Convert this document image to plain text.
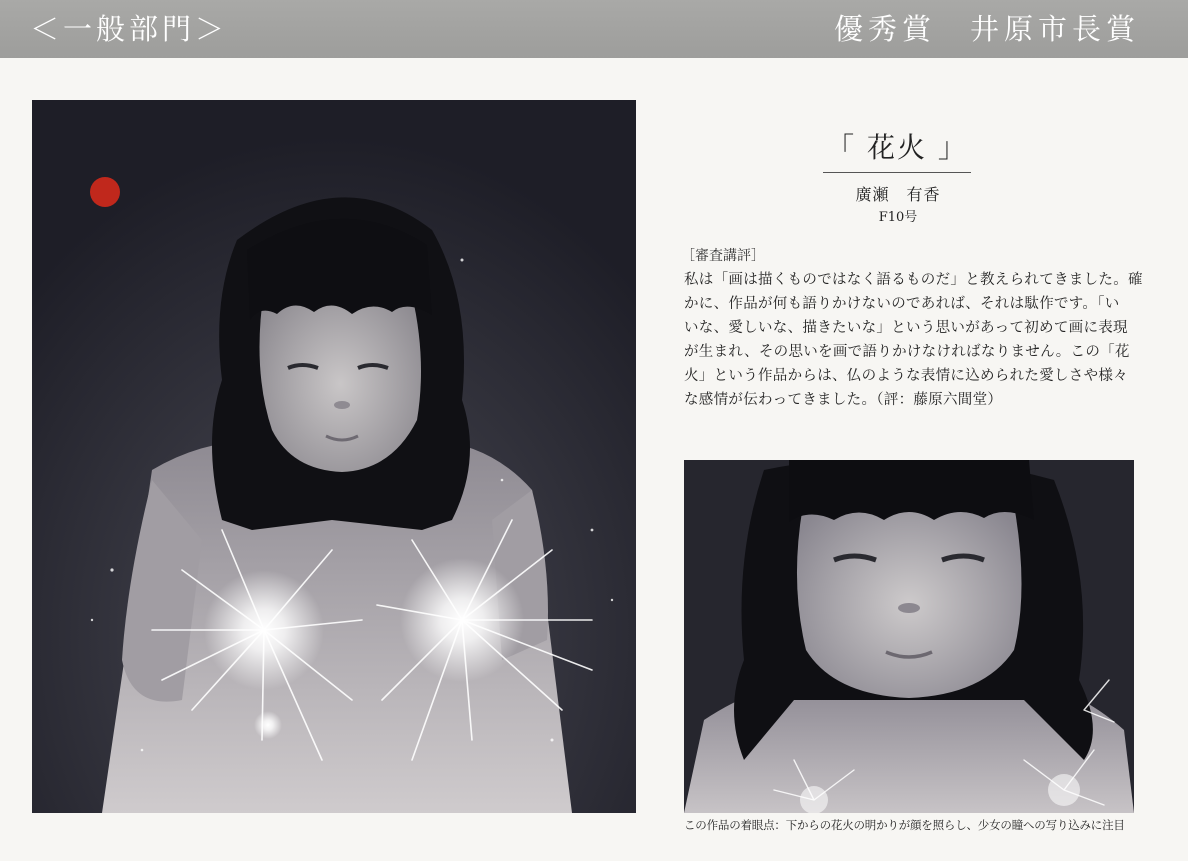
＜一般部門＞	優秀賞　井原市長賞
「 花火 」
廣瀬　有香
F10号
［審査講評］
私は「画は描くものではなく語るものだ」と教えられてきました。確
かに、作品が何も語りかけないのであれば、それは駄作です。「い
いな、愛しいな、描きたいな」という思いがあって初めて画に表現
が生まれ、その思いを画で語りかけなければなりません。この「花
火」という作品からは、仏のような表情に込められた愛しさや様々
な感情が伝わってきました。（評：藤原六間堂）
この作品の着眼点：下からの花火の明かりが顔を照らし、少女の瞳への写り込みに注目
